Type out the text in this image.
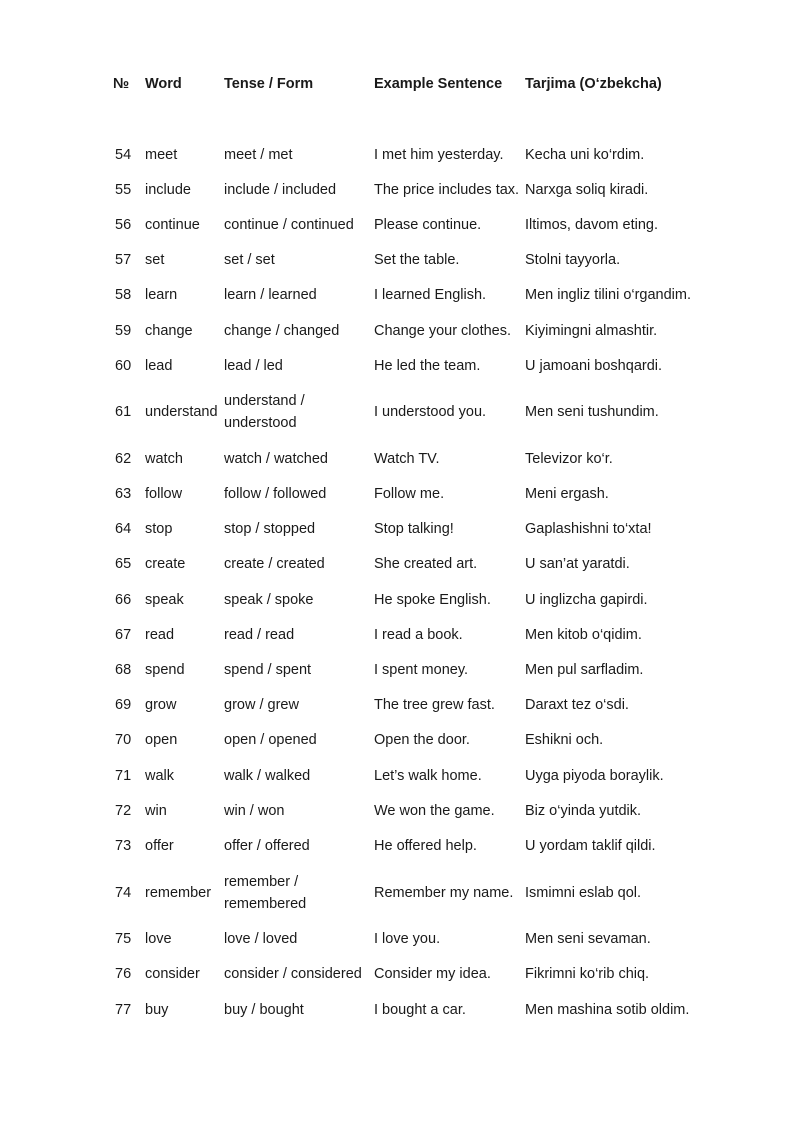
№	Word	Tense / Form	Example Sentence	Tarjima (O‘zbekcha)

54	meet	meet / met	I met him yesterday.	Kecha uni ko‘rdim.
55	include	include / included	The price includes tax.	Narxga soliq kiradi.
56	continue	continue / continued	Please continue.	Iltimos, davom eting.
57	set	set / set	Set the table.	Stolni tayyorla.
58	learn	learn / learned	I learned English.	Men ingliz tilini o‘rgandim.
59	change	change / changed	Change your clothes.	Kiyimingni almashtir.
60	lead	lead / led	He led the team.	U jamoani boshqardi.
61	understand	understand / understood	I understood you.	Men seni tushundim.
62	watch	watch / watched	Watch TV.	Televizor ko‘r.
63	follow	follow / followed	Follow me.	Meni ergash.
64	stop	stop / stopped	Stop talking!	Gaplashishni to‘xta!
65	create	create / created	She created art.	U san’at yaratdi.
66	speak	speak / spoke	He spoke English.	U inglizcha gapirdi.
67	read	read / read	I read a book.	Men kitob o‘qidim.
68	spend	spend / spent	I spent money.	Men pul sarfladim.
69	grow	grow / grew	The tree grew fast.	Daraxt tez o‘sdi.
70	open	open / opened	Open the door.	Eshikni och.
71	walk	walk / walked	Let’s walk home.	Uyga piyoda boraylik.
72	win	win / won	We won the game.	Biz o‘yinda yutdik.
73	offer	offer / offered	He offered help.	U yordam taklif qildi.
74	remember	remember / remembered	Remember my name.	Ismimni eslab qol.
75	love	love / loved	I love you.	Men seni sevaman.
76	consider	consider / considered	Consider my idea.	Fikrimni ko‘rib chiq.
77	buy	buy / bought	I bought a car.	Men mashina sotib oldim.
